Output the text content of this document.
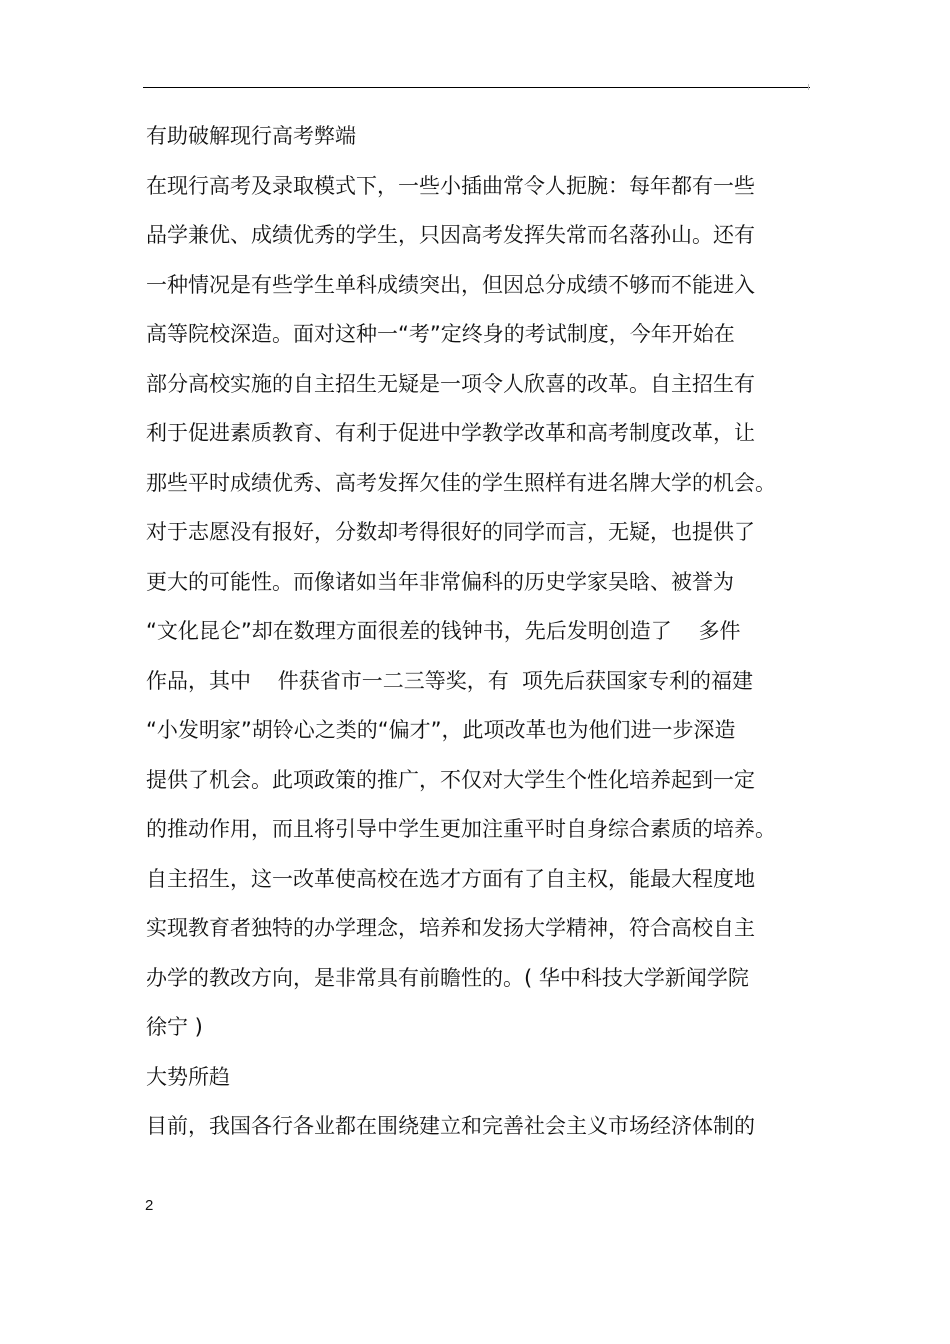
有助破解现行高考弊端
在现行高考及录取模式下，一些小插曲常令人扼腕：每年都有一些
品学兼优、成绩优秀的学生，只因高考发挥失常而名落孙山。还有
一种情况是有些学生单科成绩突出，但因总分成绩不够而不能进入
高等院校深造。面对这种一“考”定终身的考试制度，今年开始在
部分高校实施的自主招生无疑是一项令人欣喜的改革。自主招生有
利于促进素质教育、有利于促进中学教学改革和高考制度改革，让
那些平时成绩优秀、高考发挥欠佳的学生照样有进名牌大学的机会。
对于志愿没有报好，分数却考得很好的同学而言，无疑，也提供了
更大的可能性。而像诸如当年非常偏科的历史学家吴晗、被誉为
“文化昆仑”却在数理方面很差的钱钟书，先后发明创造了    多件
作品，其中    件获省市一二三等奖，有  项先后获国家专利的福建
“小发明家”胡铃心之类的“偏才”，此项改革也为他们进一步深造
提供了机会。此项政策的推广，不仅对大学生个性化培养起到一定
的推动作用，而且将引导中学生更加注重平时自身综合素质的培养。
自主招生，这一改革使高校在选才方面有了自主权，能最大程度地
实现教育者独特的办学理念，培养和发扬大学精神，符合高校自主
办学的教改方向，是非常具有前瞻性的。( 华中科技大学新闻学院
徐宁 )
大势所趋
目前，我国各行各业都在围绕建立和完善社会主义市场经济体制的
2
